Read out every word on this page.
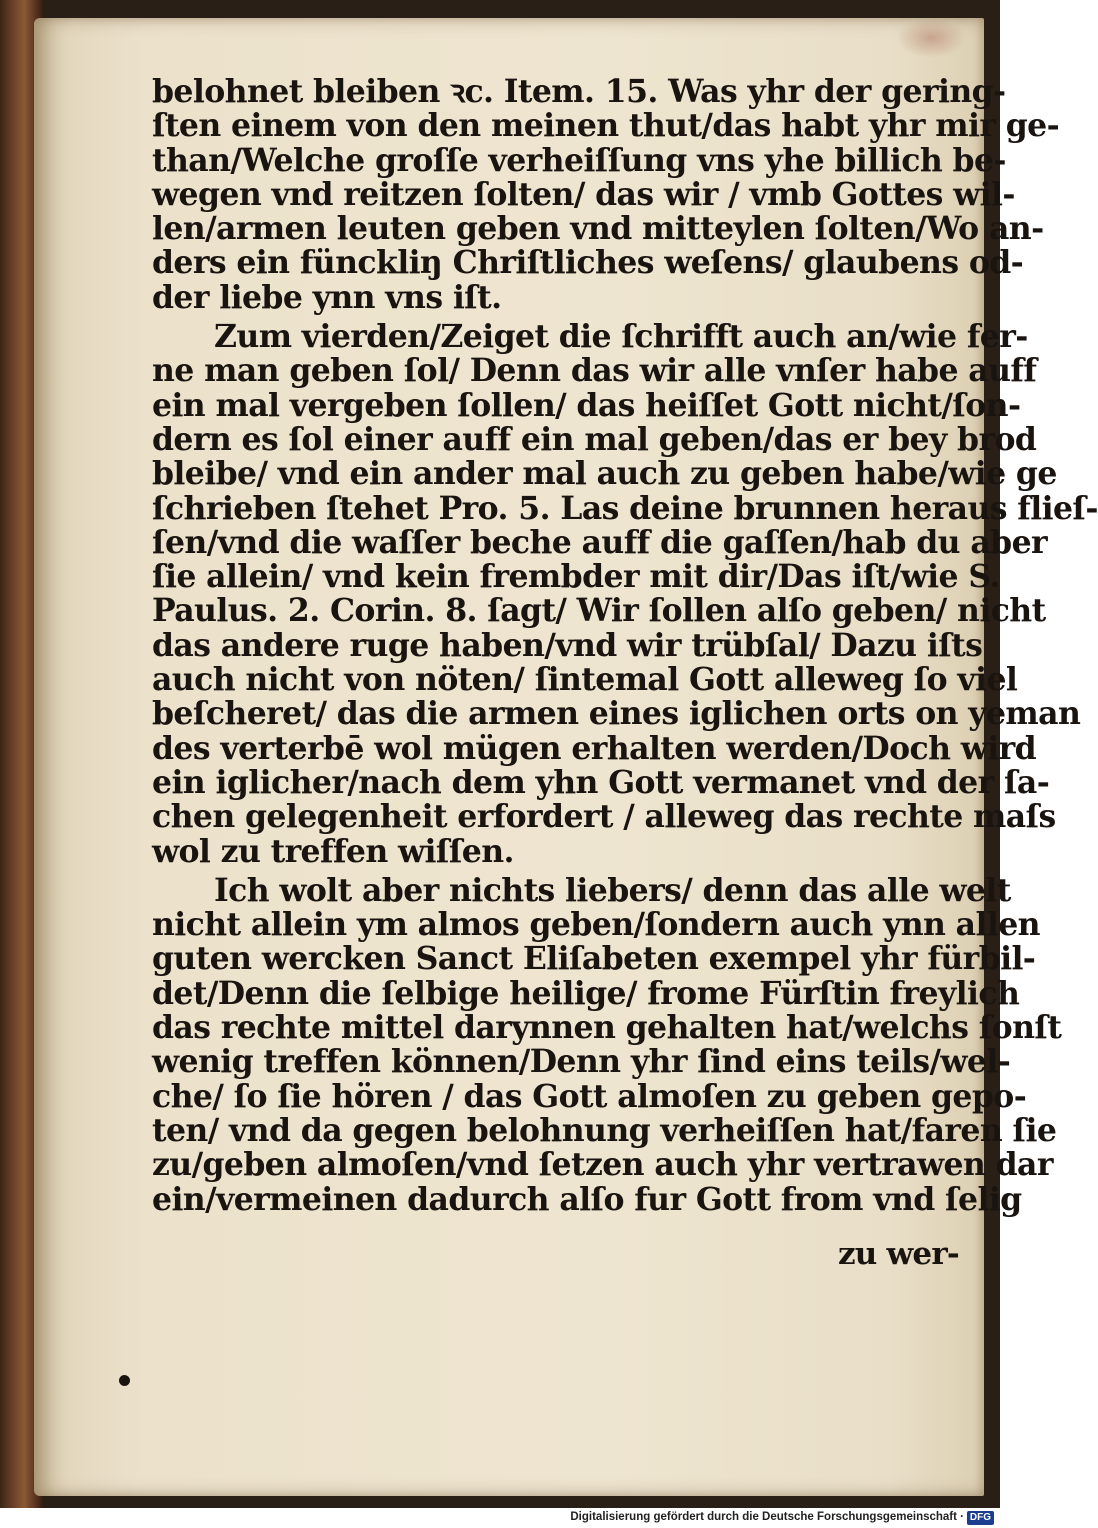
belohnet bleiben ꝛc. Item. 15. Was yhr der gering‑
ſten einem von den meinen thut/das habt yhr mir ge‑
than/Welche groſſe verheiſſung vns yhe billich be‑
wegen vnd reitzen ſolten/ das wir / vmb Gottes wil‑
len/armen leuten geben vnd mitteylen ſolten/Wo an‑
ders ein fünckliŋ Chriſtliches weſens/ glaubens od‑
der liebe ynn vns iſt.

Zum vierden/Zeiget die ſchrifft auch an/wie fer‑
ne man geben ſol/ Denn das wir alle vnſer habe auff
ein mal vergeben ſollen/ das heiſſet Gott nicht/ſon‑
dern es ſol einer auff ein mal geben/das er bey brod
bleibe/ vnd ein ander mal auch zu geben habe/wie ge
ſchrieben ſtehet Pro. 5. Las deine brunnen heraus flieſ‑
ſen/vnd die waſſer beche auff die gaſſen/hab du aber
ſie allein/ vnd kein frembder mit dir/Das iſt/wie S.
Paulus. 2. Corin. 8. ſagt/ Wir ſollen alſo geben/ nicht
das andere ruge haben/vnd wir trübſal/ Dazu iſts
auch nicht von nöten/ ſintemal Gott alleweg ſo viel
beſcheret/ das die armen eines iglichen orts on yeman
des verterbē wol mügen erhalten werden/Doch wird
ein iglicher/nach dem yhn Gott vermanet vnd der ſa‑
chen gelegenheit erfordert / alleweg das rechte maſs
wol zu treffen wiſſen.

Ich wolt aber nichts liebers/ denn das alle welt
nicht allein ym almos geben/ſondern auch ynn allen
guten wercken Sanct Eliſabeten exempel yhr fürbil‑
det/Denn die ſelbige heilige/ frome Fürſtin freylich
das rechte mittel darynnen gehalten hat/welchs ſonſt
wenig treffen können/Denn yhr ſind eins teils/wel‑
che/ ſo ſie hören / das Gott almoſen zu geben gepo‑
ten/ vnd da gegen belohnung verheiſſen hat/faren ſie
zu/geben almoſen/vnd ſetzen auch yhr vertrawen dar
ein/vermeinen dadurch alſo fur Gott from vnd ſelig

zu wer‑
Digitalisierung gefördert durch die Deutsche Forschungsgemeinschaft · DFG
